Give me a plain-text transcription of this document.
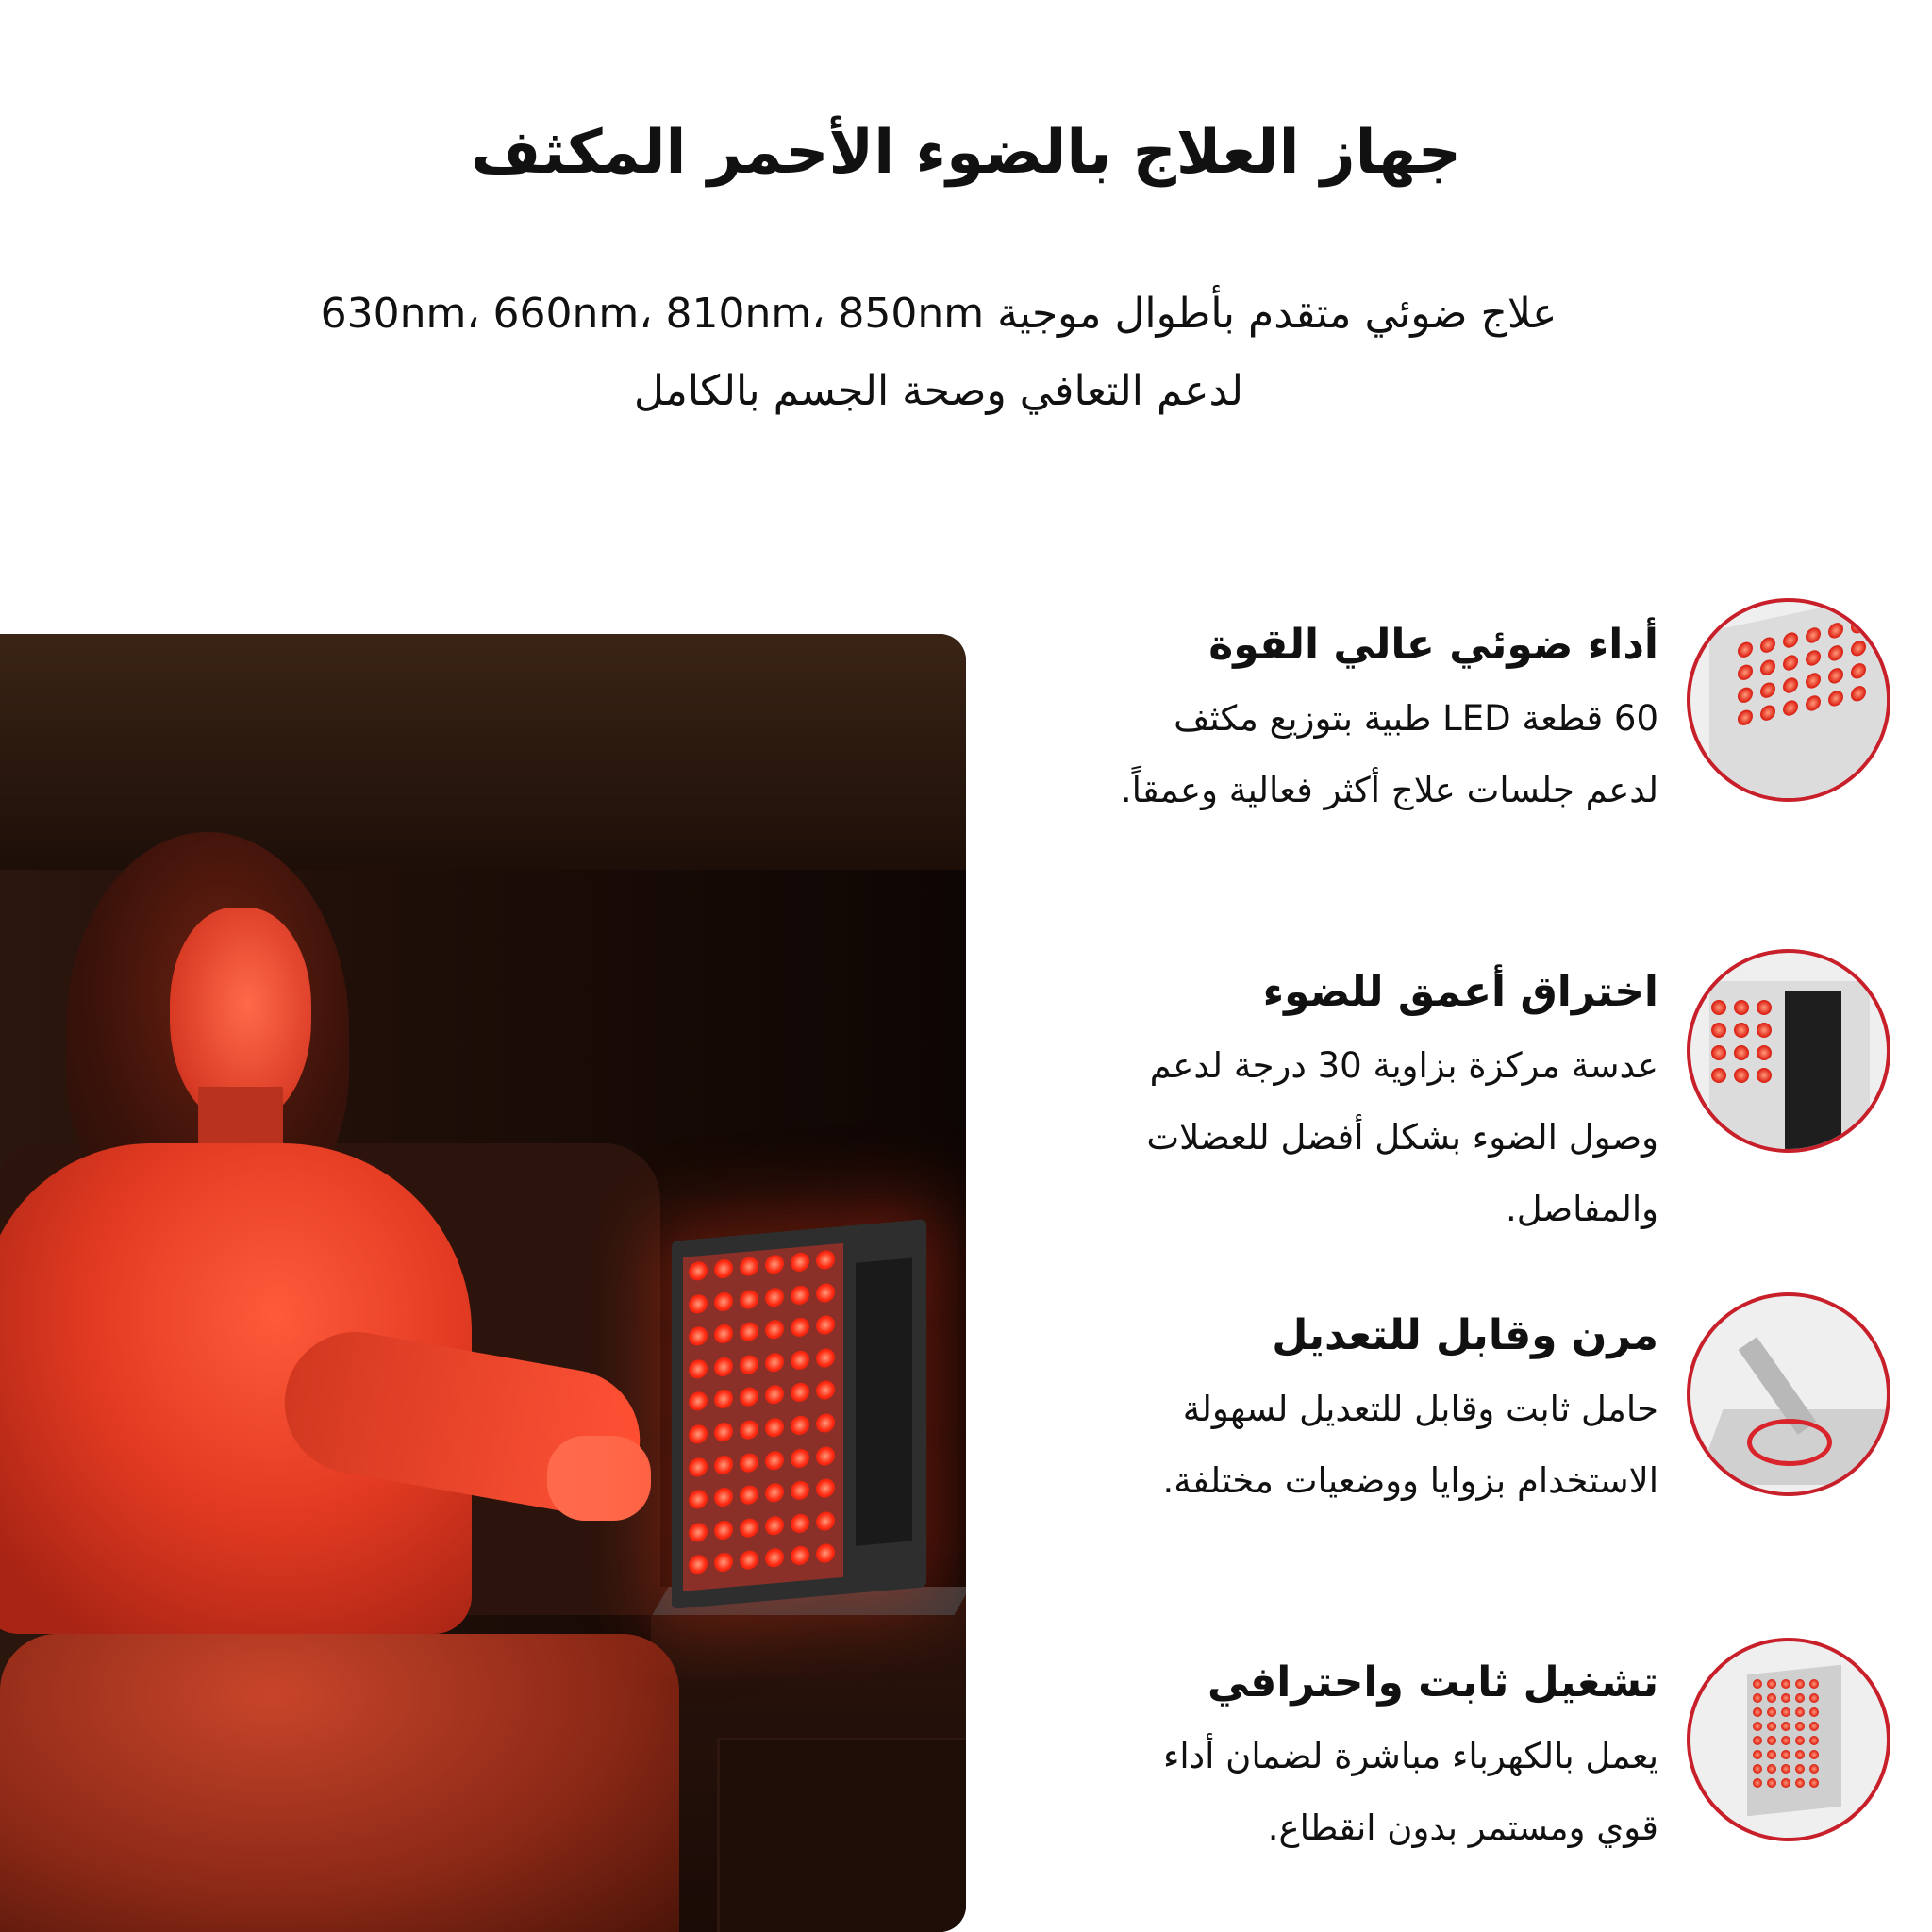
جهاز العلاج بالضوء الأحمر المكثف

علاج ضوئي متقدم بأطوال موجية 630nm، 660nm، 810nm، 850nm
لدعم التعافي وصحة الجسم بالكامل

أداء ضوئي عالي القوة

60 قطعة LED طبية بتوزيع مكثف
لدعم جلسات علاج أكثر فعالية وعمقاً.

اختراق أعمق للضوء

عدسة مركزة بزاوية 30 درجة لدعم
وصول الضوء بشكل أفضل للعضلات
والمفاصل.

مرن وقابل للتعديل

حامل ثابت وقابل للتعديل لسهولة
الاستخدام بزوايا ووضعيات مختلفة.

تشغيل ثابت واحترافي

يعمل بالكهرباء مباشرة لضمان أداء
قوي ومستمر بدون انقطاع.
